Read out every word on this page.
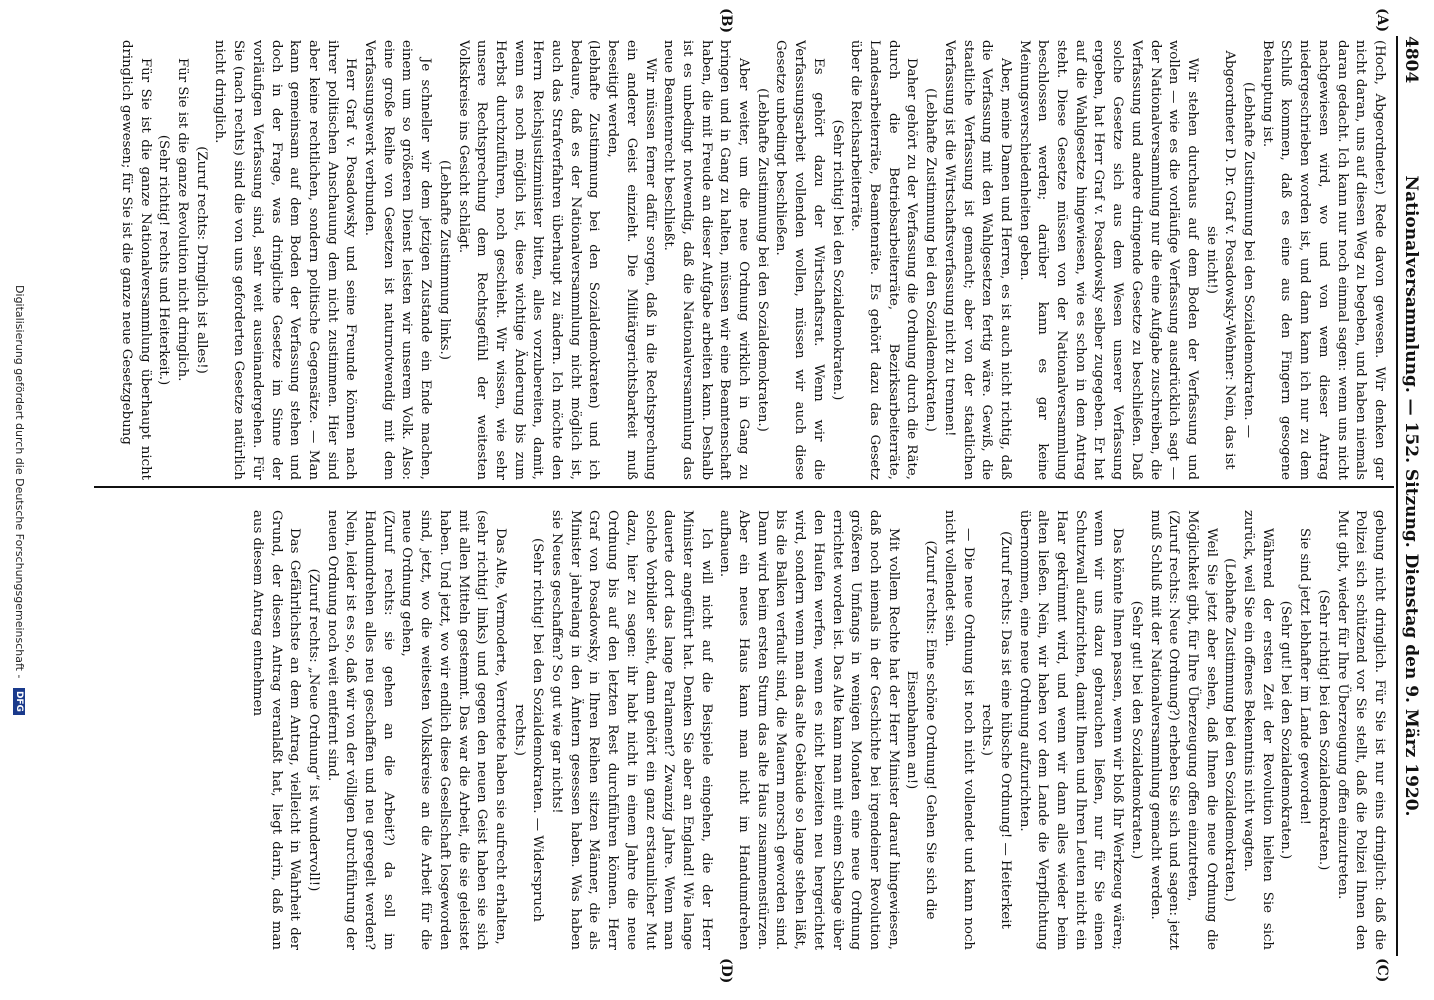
4804
Nationalversammlung. — 152. Sitzung. Dienstag den 9. März 1920.
(A)
(B)
(C)
(D)

(Hoch, Abgeordneter.) Rede davon gewesen. Wir denken gar nicht daran, uns auf diesen Weg zu begeben, und haben niemals daran gedacht. Ich kann nur noch einmal sagen: wenn uns nicht nachgewiesen wird, wo und von wem dieser Antrag niedergeschrieben worden ist, und dann kann ich nur zu dem Schluß kommen, daß es eine aus den Fingern gesogene Behauptung ist.

(Lebhafte Zustimmung bei den Sozialdemokraten. — Abgeordneter D. Dr. Graf v. Posadowsky-Wehner: Nein, das ist sie nicht!)

Wir stehen durchaus auf dem Boden der Verfassung und wollen — wie es die vorläufige Verfassung ausdrücklich sagt — der Nationalversammlung nur die eine Aufgabe zuschreiben, die Verfassung und andere dringende Gesetze zu beschließen. Daß solche Gesetze sich aus dem Wesen unserer Verfassung ergeben, hat Herr Graf v. Posadowsky selber zugegeben. Er hat auf die Wahlgesetze hingewiesen, wie es schon in dem Antrag steht. Diese Gesetze müssen von der Nationalversammlung beschlossen werden; darüber kann es gar keine Meinungsverschiedenheiten geben.

Aber, meine Damen und Herren, es ist auch nicht richtig, daß die Verfassung mit den Wahlgesetzen fertig wäre. Gewiß, die staatliche Verfassung ist gemacht; aber von der staatlichen Verfassung ist die Wirtschaftsverfassung nicht zu trennen!

(Lebhafte Zustimmung bei den Sozialdemokraten.)

Daher gehört zu der Verfassung die Ordnung durch die Räte, durch die Betriebsarbeiterräte, Bezirksarbeiterräte, Landesarbeiterräte, Beamtenräte. Es gehört dazu das Gesetz über die Reichsarbeiterräte.

(Sehr richtig! bei den Sozialdemokraten.)

Es gehört dazu der Wirtschaftsrat. Wenn wir die Verfassungsarbeit vollenden wollen, müssen wir auch diese Gesetze unbedingt beschließen.

(Lebhafte Zustimmung bei den Sozialdemokraten.)

Aber weiter, um die neue Ordnung wirklich in Gang zu bringen und in Gang zu halten, müssen wir eine Beamtenschaft haben, die mit Freude an dieser Aufgabe arbeiten kann. Deshalb ist es unbedingt notwendig, daß die Nationalversammlung das neue Beamtenrecht beschließt.

Wir müssen ferner dafür sorgen, daß in die Rechtsprechung ein anderer Geist einzieht. Die Militärgerichtsbarkeit muß beseitigt werden,

(lebhafte Zustimmung bei den Sozialdemokraten) und ich bedaure, daß es der Nationalversammlung nicht möglich ist, auch das Strafverfahren überhaupt zu ändern. Ich möchte den Herrn Reichsjustizminister bitten, alles vorzubereiten, damit, wenn es noch möglich ist, diese wichtige Änderung bis zum Herbst durchzuführen, noch geschieht. Wir wissen, wie sehr unsere Rechtsprechung dem Rechtsgefühl der weitesten Volkskreise ins Gesicht schlägt.

(Lebhafte Zustimmung links.)

Je schneller wir dem jetzigen Zustande ein Ende machen, einem um so größeren Dienst leisten wir unserem Volk. Also: eine große Reihe von Gesetzen ist naturnotwendig mit dem Verfassungswerk verbunden.

Herr Graf v. Posadowsky und seine Freunde können nach ihrer politischen Anschauung dem nicht zustimmen. Hier sind aber keine rechtlichen, sondern politische Gegensätze. — Man kann gemeinsam auf dem Boden der Verfassung stehen und doch in der Frage, was dringliche Gesetze im Sinne der vorläufigen Verfassung sind, sehr weit auseinandergehen. Für Sie (nach rechts) sind die von uns geforderten Gesetze natürlich nicht dringlich.

(Zuruf rechts: Dringlich ist alles!)

Für Sie ist die ganze Revolution nicht dringlich.

(Sehr richtig! rechts und Heiterkeit.)

Für Sie ist die ganze Nationalversammlung überhaupt nicht dringlich gewesen; für Sie ist die ganze neue Gesetzgebung

gebung nicht dringlich. Für Sie ist nur eins dringlich: daß die Polizei sich schützend vor Sie stellt, daß die Polizei Ihnen den Mut gibt, wieder für Ihre Überzeugung offen einzutreten.

(Sehr richtig! bei den Sozialdemokraten.)

Sie sind jetzt lebhafter im Lande geworden!

(Sehr gut! bei den Sozialdemokraten.)

Während der ersten Zeit der Revolution hielten Sie sich zurück, weil Sie ein offenes Bekenntnis nicht wagten.

(Lebhafte Zustimmung bei den Sozialdemokraten.)

Weil Sie jetzt aber sehen, daß Ihnen die neue Ordnung die Möglichkeit gibt, für Ihre Überzeugung offen einzutreten,

(Zuruf rechts: Neue Ordnung?) erheben Sie sich und sagen: jetzt muß Schluß mit der Nationalversammlung gemacht werden.

(Sehr gut! bei den Sozialdemokraten.)

Das könnte Ihnen passen, wenn wir bloß Ihr Werkzeug wären; wenn wir uns dazu gebrauchen ließen, nur für Sie einen Schutzwall aufzurichten, damit Ihnen und Ihren Leuten nicht ein Haar gekrümmt wird, und wenn wir dann alles wieder beim alten ließen. Nein, wir haben vor dem Lande die Verpflichtung übernommen, eine neue Ordnung aufzurichten.

(Zuruf rechts: Das ist eine hübsche Ordnung! — Heiterkeit rechts.)

— Die neue Ordnung ist noch nicht vollendet und kann noch nicht vollendet sein.

(Zuruf rechts: Eine schöne Ordnung! Gehen Sie sich die Eisenbahnen an!)

Mit vollem Rechte hat der Herr Minister darauf hingewiesen, daß noch niemals in der Geschichte bei irgendeiner Revolution größeren Umfangs in wenigen Monaten eine neue Ordnung errichtet worden ist. Das Alte kann man mit einem Schlage über den Haufen werfen, wenn es nicht beizeiten neu hergerichtet wird, sondern wenn man das alte Gebäude so lange stehen läßt, bis die Balken verfault sind, die Mauern morsch geworden sind. Dann wird beim ersten Sturm das alte Haus zusammenstürzen. Aber ein neues Haus kann man nicht im Handumdrehen aufbauen.

Ich will nicht auf die Beispiele eingehen, die der Herr Minister angeführt hat. Denken Sie aber an England! Wie lange dauerte dort das lange Parlament? Zwanzig Jahre. Wenn man solche Vorbilder sieht, dann gehört ein ganz erstaunlicher Mut dazu, hier zu sagen: ihr habt nicht in einem Jahre die neue Ordnung bis auf den letzten Rest durchführen können. Herr Graf von Posadowsky, in Ihren Reihen sitzen Männer, die als Minister jahrelang in den Ämtern gesessen haben. Was haben sie Neues geschaffen? So gut wie gar nichts!

(Sehr richtig! bei den Sozialdemokraten. — Widerspruch rechts.)

Das Alte, Vermoderte, Verrottete haben sie aufrecht erhalten,

(sehr richtig! links) und gegen den neuen Geist haben sie sich mit allen Mitteln gestemmt. Das war die Arbeit, die sie geleistet haben. Und jetzt, wo wir endlich diese Gesellschaft losgeworden sind, jetzt, wo die weitesten Volkskreise an die Arbeit für die neue Ordnung gehen,

(Zuruf rechts: sie gehen an die Arbeit?) da soll im Handumdrehen alles neu geschaffen und neu geregelt werden? Nein, leider ist es so, daß wir von der völligen Durchführung der neuen Ordnung noch weit entfernt sind.

(Zuruf rechts: „Neue Ordnung“ ist wundervoll!)

Das Gefährlichste an dem Antrag, vielleicht in Wahrheit der Grund, der diesen Antrag veranlaßt hat, liegt darin, daß man aus diesem Antrag entnehmen

Digitalisierung gefördert durch die Deutsche Forschungsgemeinschaft - DFG
